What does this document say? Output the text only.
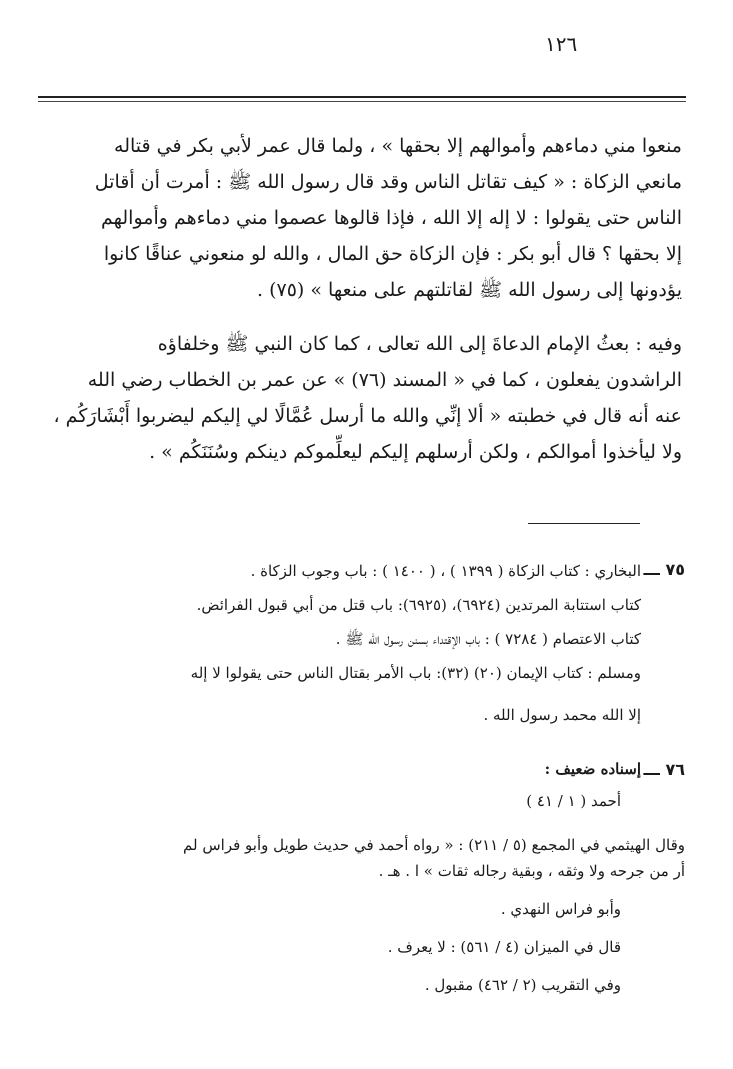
١٢٦

منعوا مني دماءهم وأموالهم إلا بحقها » ، ولما قال عمر لأبي بكر في قتاله

مانعي الزكاة : « كيف تقاتل الناس وقد قال رسول الله ﷺ : أمرت أن أقاتل

الناس حتى يقولوا : لا إله إلا الله ، فإذا قالوها عصموا مني دماءهم وأموالهم

إلا بحقها ؟ قال أبو بكر : فإن الزكاة حق المال ، والله لو منعوني عناقًا كانوا

يؤدونها إلى رسول الله ﷺ لقاتلتهم على منعها » (٧٥) .

وفيه : بعثُ الإمام الدعاةَ إلى الله تعالى ، كما كان النبي ﷺ وخلفاؤه

الراشدون يفعلون ، كما في « المسند (٧٦) » عن عمر بن الخطاب رضي الله

عنه أنه قال في خطبته « ألا إنِّي والله ما أرسل عُمَّالًا لي إليكم ليضربوا أَبْشَارَكُم ،

ولا ليأخذوا أموالكم ، ولكن أرسلهم إليكم ليعلِّموكم دينكم وسُنَنَكُم » .

٧٥ ـــ
البخاري : كتاب الزكاة ( ١٣٩٩ ) ، ( ١٤٠٠ ) : باب وجوب الزكاة .
كتاب استتابة المرتدين (٦٩٢٤)، (٦٩٢٥): باب قتل من أبي قبول الفرائض.
كتاب الاعتصام ( ٧٢٨٤ ) : باب الإقتداء بسنن رسول الله ﷺ .
ومسلم : كتاب الإيمان (٢٠) (٣٢): باب الأمر بقتال الناس حتى يقولوا لا إله
إلا الله محمد رسول الله .
٧٦ ـــ
إسناده ضعيف :
أحمد ( ١ / ٤١ )
وقال الهيثمي في المجمع (٥ / ٢١١) : « رواه أحمد في حديث طويل وأبو فراس لم
أر من جرحه ولا وثقه ، وبقية رجاله ثقات » ا . هـ .
وأبو فراس النهدي .
قال في الميزان (٤ / ٥٦١) : لا يعرف .
وفي التقريب (٢ / ٤٦٢) مقبول .
